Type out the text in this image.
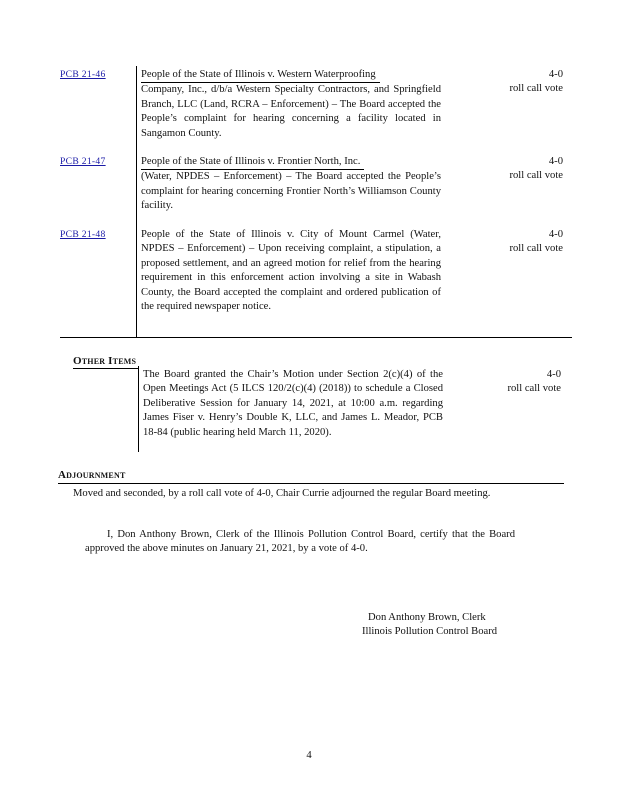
PCB 21-46	People of the State of Illinois v. Western Waterproofing
Company, Inc., d/b/a Western Specialty Contractors, and Springfield Branch, LLC (Land, RCRA – Enforcement) – The Board accepted the People’s complaint for hearing concerning a facility located in Sangamon County.
4-0
roll call vote
PCB 21-47	People of the State of Illinois v. Frontier North, Inc.
(Water, NPDES – Enforcement) – The Board accepted the People’s complaint for hearing concerning Frontier North’s Williamson County facility.
4-0
roll call vote
PCB 21-48	People of the State of Illinois v. City of Mount Carmel (Water, NPDES – Enforcement) – Upon receiving complaint, a stipulation, a proposed settlement, and an agreed motion for relief from the hearing requirement in this enforcement action involving a site in Wabash County, the Board accepted the complaint and ordered publication of the required newspaper notice.
4-0
roll call vote
Other Items
The Board granted the Chair’s Motion under Section 2(c)(4) of the Open Meetings Act (5 ILCS 120/2(c)(4) (2018)) to schedule a Closed Deliberative Session for January 14, 2021, at 10:00 a.m. regarding James Fiser v. Henry’s Double K, LLC, and James L. Meador, PCB 18-84 (public hearing held March 11, 2020).
4-0
roll call vote
Adjournment
Moved and seconded, by a roll call vote of 4-0, Chair Currie adjourned the regular Board meeting.
I, Don Anthony Brown, Clerk of the Illinois Pollution Control Board, certify that the Board approved the above minutes on January 21, 2021, by a vote of 4-0.
Don Anthony Brown, Clerk
Illinois Pollution Control Board
4
